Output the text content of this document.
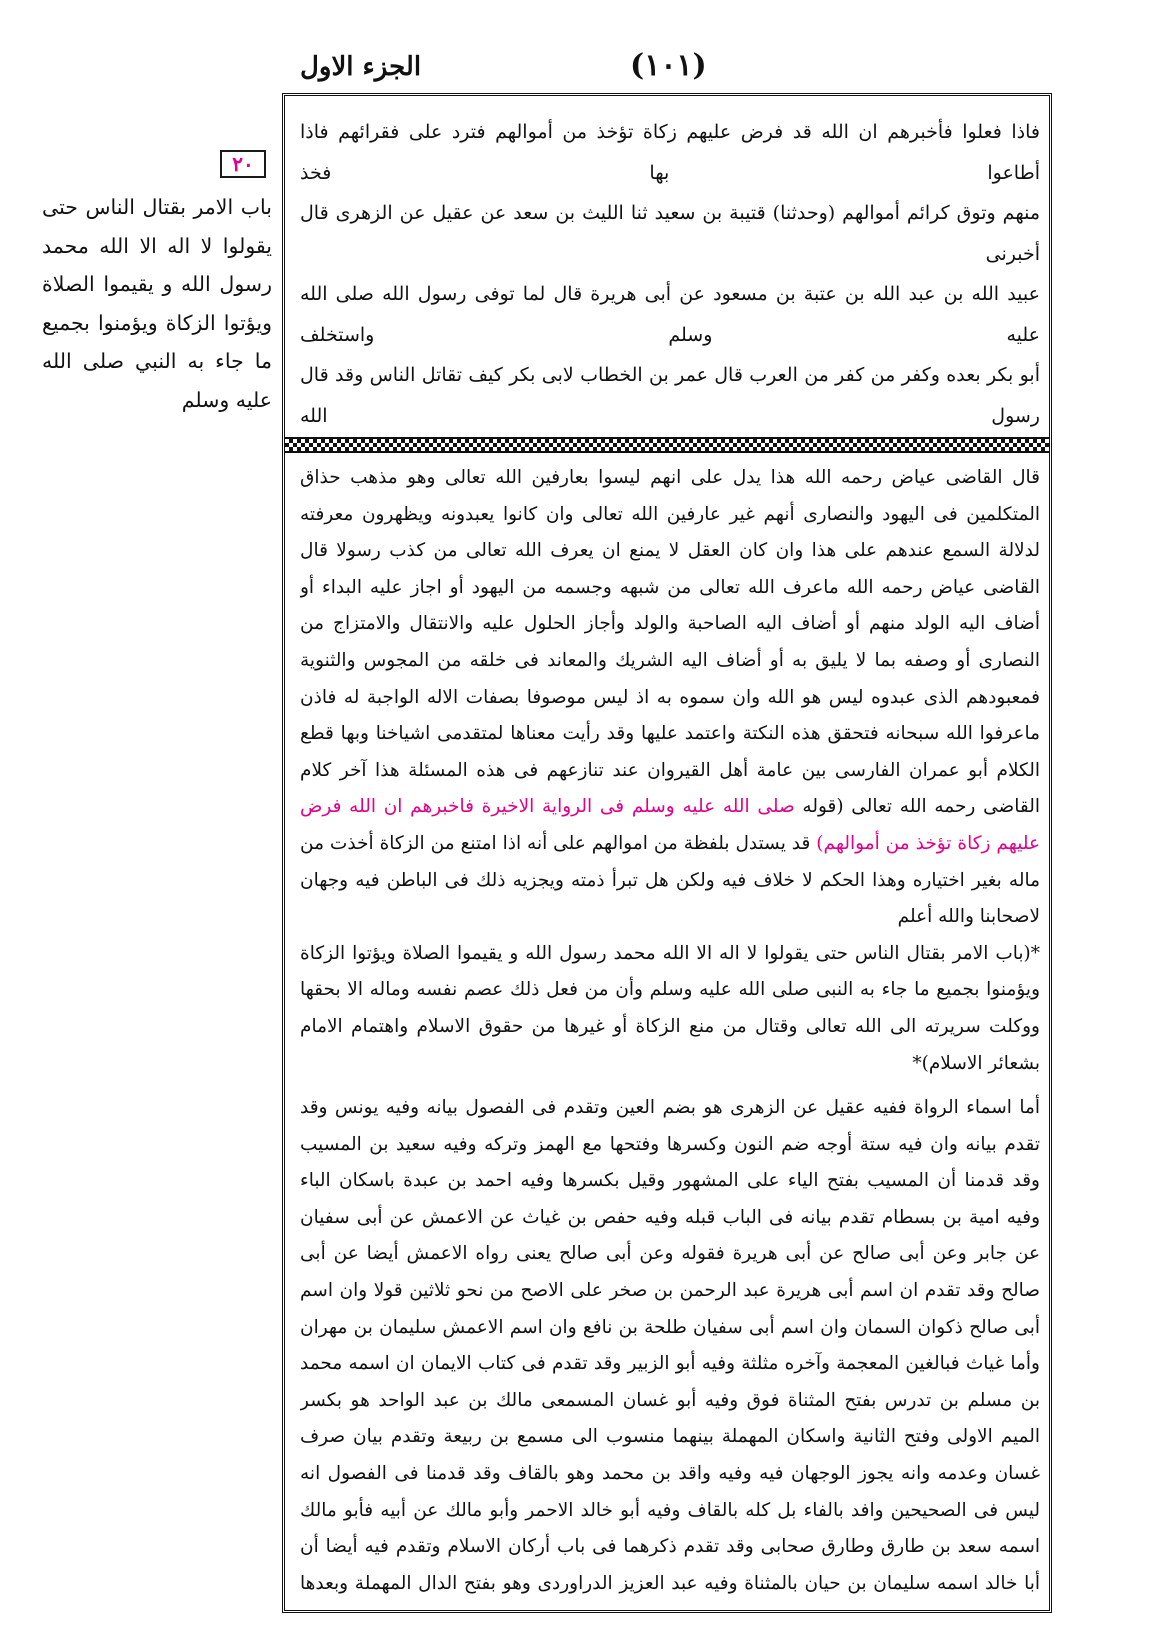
(١٠١)
الجزء الاول
٢٠
باب الامر بقتال الناس حتى يقولوا لا اله الا الله محمد رسول الله و يقيموا الصلاة ويؤتوا الزكاة ويؤمنوا بجميع ما جاء به النبي صلى الله عليه وسلم

فاذا فعلوا فأخبرهم ان الله قد فرض عليهم زكاة تؤخذ من أموالهم فترد على فقرائهم فاذا أطاعوا بها فخذ

منهم وتوق كرائم أموالهم (وحدثنا) قتيبة بن سعيد ثنا الليث بن سعد عن عقيل عن الزهرى قال أخبرنى

عبيد الله بن عبد الله بن عتبة بن مسعود عن أبى هريرة قال لما توفى رسول الله صلى الله عليه وسلم واستخلف

أبو بكر بعده وكفر من كفر من العرب قال عمر بن الخطاب لابى بكر كيف تقاتل الناس وقد قال رسول الله

قال القاضى عياض رحمه الله هذا يدل على انهم ليسوا بعارفين الله تعالى وهو مذهب حذاق المتكلمين فى اليهود والنصارى أنهم غير عارفين الله تعالى وان كانوا يعبدونه ويظهرون معرفته لدلالة السمع عندهم على هذا وان كان العقل لا يمنع ان يعرف الله تعالى من كذب رسولا قال القاضى عياض رحمه الله ماعرف الله تعالى من شبهه وجسمه من اليهود أو اجاز عليه البداء أو أضاف اليه الولد منهم أو أضاف اليه الصاحبة والولد وأجاز الحلول عليه والانتقال والامتزاج من النصارى أو وصفه بما لا يليق به أو أضاف اليه الشريك والمعاند فى خلقه من المجوس والثنوية فمعبودهم الذى عبدوه ليس هو الله وان سموه به اذ ليس موصوفا بصفات الاله الواجبة له فاذن ماعرفوا الله سبحانه فتحقق هذه النكتة واعتمد عليها وقد رأيت معناها لمتقدمى اشياخنا وبها قطع الكلام أبو عمران الفارسى بين عامة أهل القيروان عند تنازعهم فى هذه المسئلة هذا آخر كلام القاضى رحمه الله تعالى (قوله صلى الله عليه وسلم فى الرواية الاخيرة فاخبرهم ان الله فرض عليهم زكاة تؤخذ من أموالهم) قد يستدل بلفظة من اموالهم على أنه اذا امتنع من الزكاة أخذت من ماله بغير اختياره وهذا الحكم لا خلاف فيه ولكن هل تبرأ ذمته ويجزيه ذلك فى الباطن فيه وجهان لاصحابنا والله أعلم

*(باب الامر بقتال الناس حتى يقولوا لا اله الا الله محمد رسول الله و يقيموا الصلاة ويؤتوا الزكاة ويؤمنوا بجميع ما جاء به النبى صلى الله عليه وسلم وأن من فعل ذلك عصم نفسه وماله الا بحقها ووكلت سريرته الى الله تعالى وقتال من منع الزكاة أو غيرها من حقوق الاسلام واهتمام الامام بشعائر الاسلام)*

أما اسماء الرواة ففيه عقيل عن الزهرى هو بضم العين وتقدم فى الفصول بيانه وفيه يونس وقد تقدم بيانه وان فيه ستة أوجه ضم النون وكسرها وفتحها مع الهمز وتركه وفيه سعيد بن المسيب وقد قدمنا أن المسيب بفتح الياء على المشهور وقيل بكسرها وفيه احمد بن عبدة باسكان الباء وفيه امية بن بسطام تقدم بيانه فى الباب قبله وفيه حفص بن غياث عن الاعمش عن أبى سفيان عن جابر وعن أبى صالح عن أبى هريرة فقوله وعن أبى صالح يعنى رواه الاعمش أيضا عن أبى صالح وقد تقدم ان اسم أبى هريرة عبد الرحمن بن صخر على الاصح من نحو ثلاثين قولا وان اسم أبى صالح ذكوان السمان وان اسم أبى سفيان طلحة بن نافع وان اسم الاعمش سليمان بن مهران وأما غياث فبالغين المعجمة وآخره مثلثة وفيه أبو الزبير وقد تقدم فى كتاب الايمان ان اسمه محمد بن مسلم بن تدرس بفتح المثناة فوق وفيه أبو غسان المسمعى مالك بن عبد الواحد هو بكسر الميم الاولى وفتح الثانية واسكان المهملة بينهما منسوب الى مسمع بن ربيعة وتقدم بيان صرف غسان وعدمه وانه يجوز الوجهان فيه وفيه واقد بن محمد وهو بالقاف وقد قدمنا فى الفصول انه ليس فى الصحيحين وافد بالفاء بل كله بالقاف وفيه أبو خالد الاحمر وأبو مالك عن أبيه فأبو مالك اسمه سعد بن طارق وطارق صحابى وقد تقدم ذكرهما فى باب أركان الاسلام وتقدم فيه أيضا أن أبا خالد اسمه سليمان بن حيان بالمثناة وفيه عبد العزيز الدراوردى وهو بفتح الدال المهملة وبعدها
